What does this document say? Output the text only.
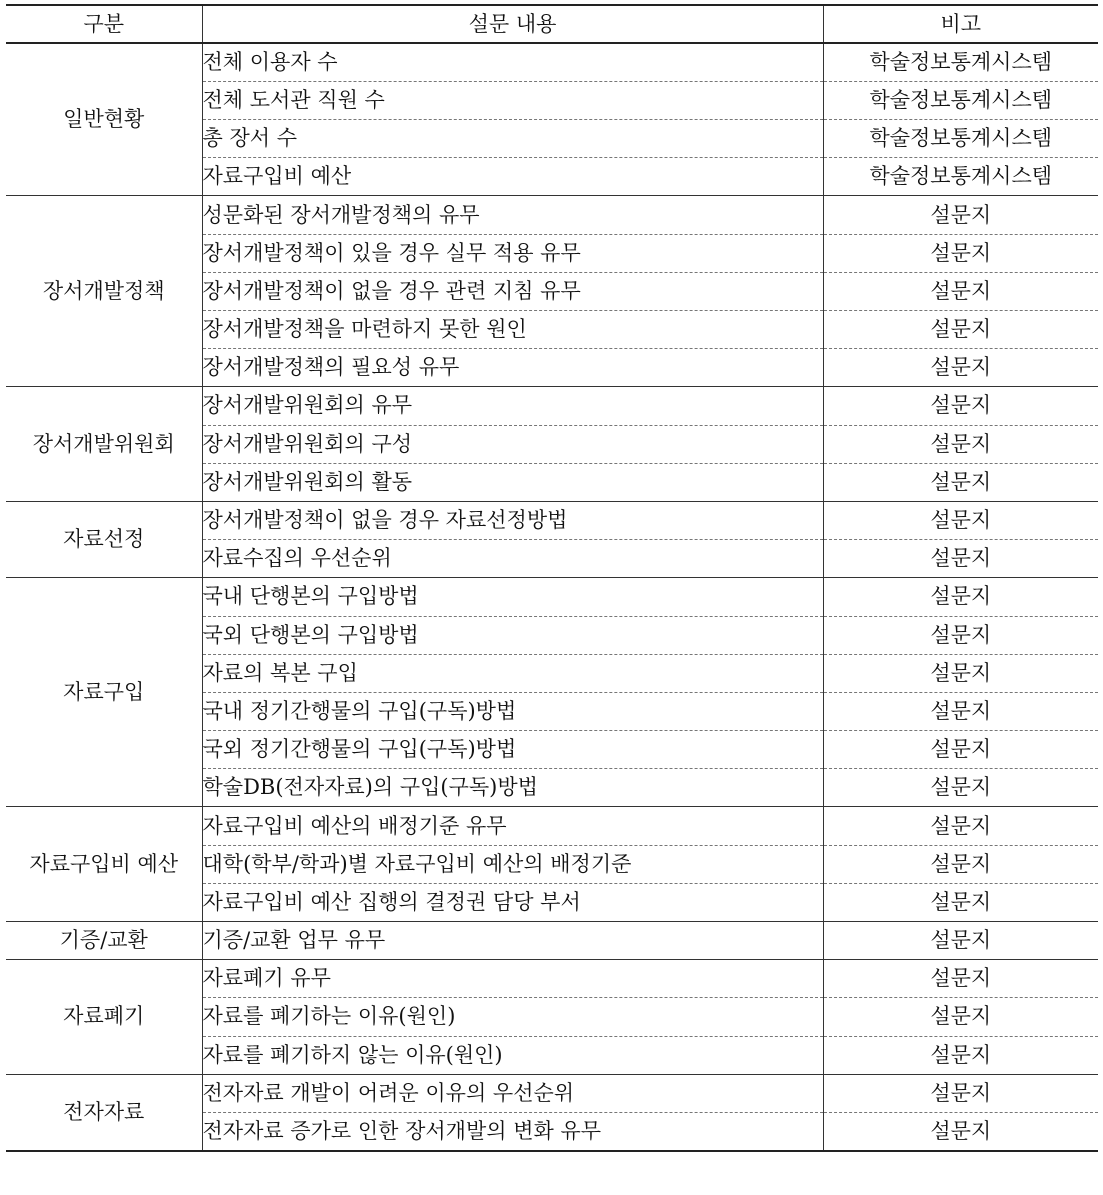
구분	설문 내용	비고
일반현황	전체 이용자 수	학술정보통계시스템
	전체 도서관 직원 수	학술정보통계시스템
	총 장서 수	학술정보통계시스템
	자료구입비 예산	학술정보통계시스템
장서개발정책	성문화된 장서개발정책의 유무	설문지
	장서개발정책이 있을 경우 실무 적용 유무	설문지
	장서개발정책이 없을 경우 관련 지침 유무	설문지
	장서개발정책을 마련하지 못한 원인	설문지
	장서개발정책의 필요성 유무	설문지
장서개발위원회	장서개발위원회의 유무	설문지
	장서개발위원회의 구성	설문지
	장서개발위원회의 활동	설문지
자료선정	장서개발정책이 없을 경우 자료선정방법	설문지
	자료수집의 우선순위	설문지
자료구입	국내 단행본의 구입방법	설문지
	국외 단행본의 구입방법	설문지
	자료의 복본 구입	설문지
	국내 정기간행물의 구입(구독)방법	설문지
	국외 정기간행물의 구입(구독)방법	설문지
	학술DB(전자자료)의 구입(구독)방법	설문지
자료구입비 예산	자료구입비 예산의 배정기준 유무	설문지
	대학(학부/학과)별 자료구입비 예산의 배정기준	설문지
	자료구입비 예산 집행의 결정권 담당 부서	설문지
기증/교환	기증/교환 업무 유무	설문지
자료폐기	자료폐기 유무	설문지
	자료를 폐기하는 이유(원인)	설문지
	자료를 폐기하지 않는 이유(원인)	설문지
전자자료	전자자료 개발이 어려운 이유의 우선순위	설문지
	전자자료 증가로 인한 장서개발의 변화 유무	설문지
